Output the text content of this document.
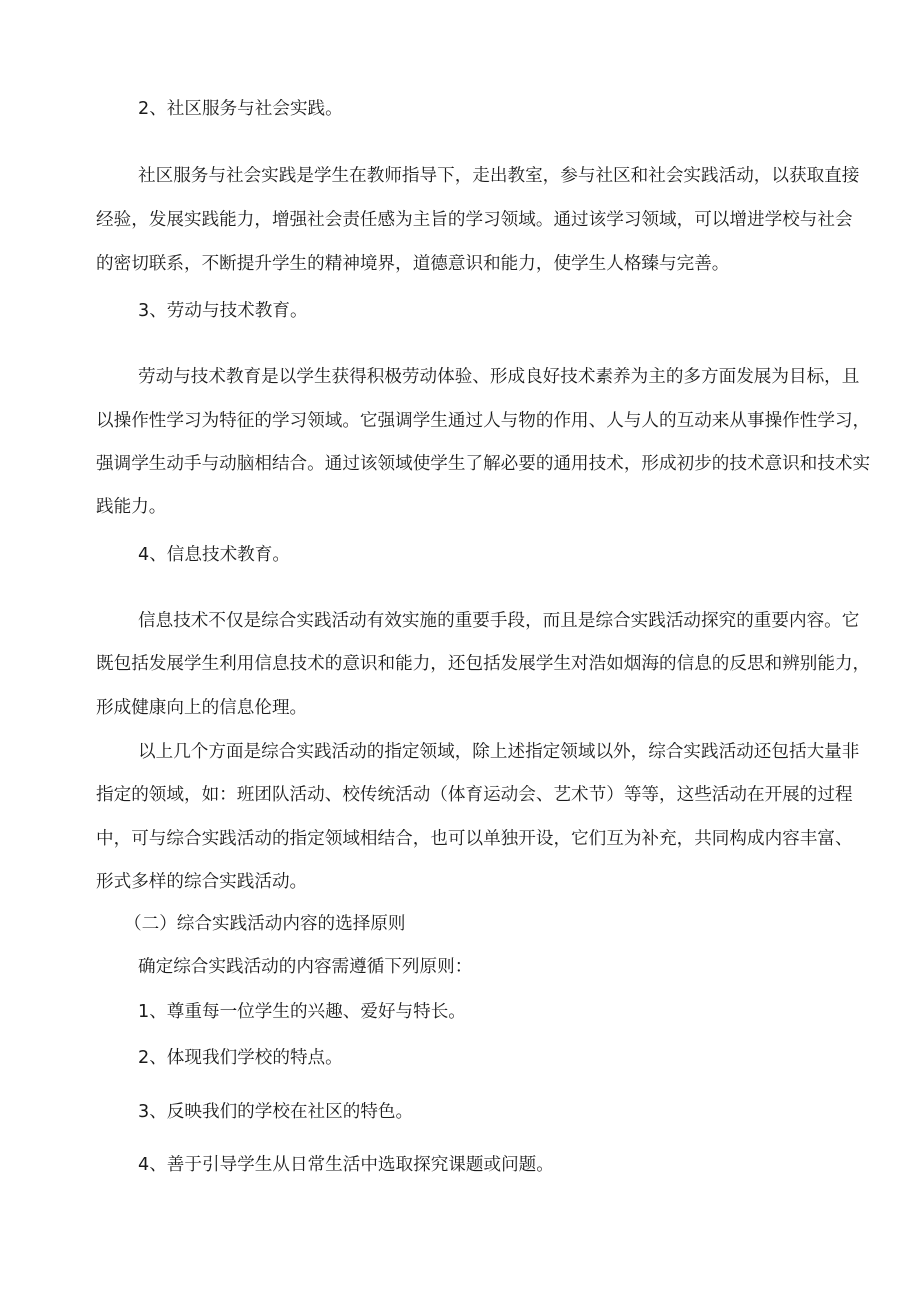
2、社区服务与社会实践。
社区服务与社会实践是学生在教师指导下，走出教室，参与社区和社会实践活动，以获取直接
经验，发展实践能力，增强社会责任感为主旨的学习领域。通过该学习领域，可以增进学校与社会
的密切联系，不断提升学生的精神境界，道德意识和能力，使学生人格臻与完善。
3、劳动与技术教育。
劳动与技术教育是以学生获得积极劳动体验、形成良好技术素养为主的多方面发展为目标，且
以操作性学习为特征的学习领域。它强调学生通过人与物的作用、人与人的互动来从事操作性学习，
强调学生动手与动脑相结合。通过该领域使学生了解必要的通用技术，形成初步的技术意识和技术实
践能力。
4、信息技术教育。
信息技术不仅是综合实践活动有效实施的重要手段，而且是综合实践活动探究的重要内容。它
既包括发展学生利用信息技术的意识和能力，还包括发展学生对浩如烟海的信息的反思和辨别能力，
形成健康向上的信息伦理。
以上几个方面是综合实践活动的指定领域，除上述指定领域以外，综合实践活动还包括大量非
指定的领域，如：班团队活动、校传统活动（体育运动会、艺术节）等等，这些活动在开展的过程
中，可与综合实践活动的指定领域相结合，也可以单独开设，它们互为补充，共同构成内容丰富、
形式多样的综合实践活动。
（二）综合实践活动内容的选择原则
确定综合实践活动的内容需遵循下列原则：
1、尊重每一位学生的兴趣、爱好与特长。
2、体现我们学校的特点。
3、反映我们的学校在社区的特色。
4、善于引导学生从日常生活中选取探究课题或问题。
